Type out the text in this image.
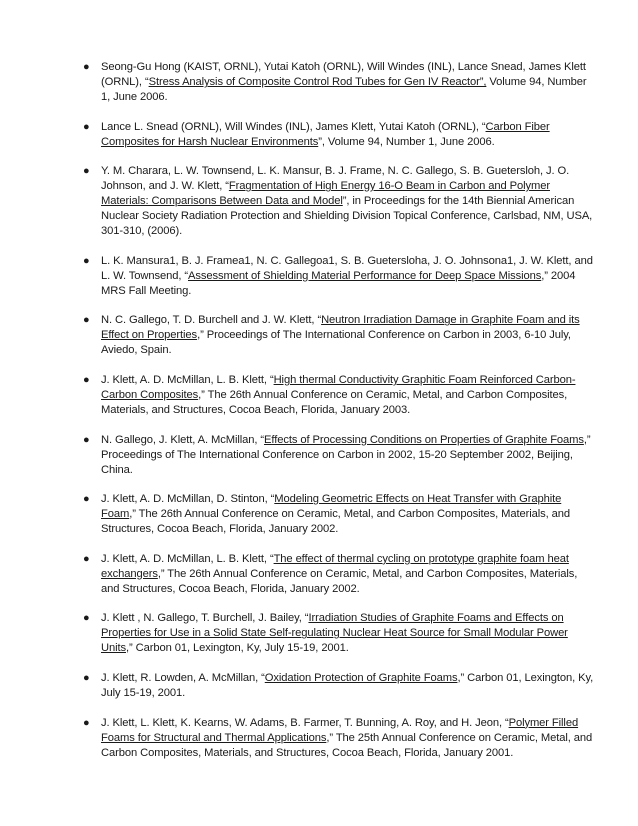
●	Seong-Gu Hong (KAIST, ORNL), Yutai Katoh (ORNL), Will Windes (INL), Lance Snead, James Klett (ORNL), “Stress Analysis of Composite Control Rod Tubes for Gen IV Reactor”, Volume 94, Number 1, June 2006.
●	Lance L. Snead (ORNL), Will Windes (INL), James Klett, Yutai Katoh (ORNL), “Carbon Fiber Composites for Harsh Nuclear Environments”, Volume 94, Number 1, June 2006.
●	Y. M. Charara, L. W. Townsend, L. K. Mansur, B. J. Frame, N. C. Gallego, S. B. Guetersloh, J. O. Johnson, and J. W. Klett, “Fragmentation of High Energy 16-O Beam in Carbon and Polymer Materials: Comparisons Between Data and Model”, in Proceedings for the 14th Biennial American Nuclear Society Radiation Protection and Shielding Division Topical Conference, Carlsbad, NM, USA, 301-310, (2006).
●	L. K. Mansura1, B. J. Framea1, N. C. Gallegoa1, S. B. Guetersloha, J. O. Johnsona1, J. W. Klett, and L. W. Townsend, “Assessment of Shielding Material Performance for Deep Space Missions,” 2004 MRS Fall Meeting.
●	N. C. Gallego, T. D. Burchell and J. W. Klett, “Neutron Irradiation Damage in Graphite Foam and its Effect on Properties,” Proceedings of The International Conference on Carbon in 2003, 6-10 July, Aviedo, Spain.
●	J. Klett, A. D. McMillan, L. B. Klett, “High thermal Conductivity Graphitic Foam Reinforced Carbon-Carbon Composites,” The 26th Annual Conference on Ceramic, Metal, and Carbon Composites, Materials, and Structures, Cocoa Beach, Florida, January 2003.
●	N. Gallego, J. Klett, A. McMillan, “Effects of Processing Conditions on Properties of Graphite Foams,” Proceedings of The International Conference on Carbon in 2002, 15-20 September 2002, Beijing, China.
●	J. Klett, A. D. McMillan, D. Stinton, “Modeling Geometric Effects on Heat Transfer with Graphite Foam,” The 26th Annual Conference on Ceramic, Metal, and Carbon Composites, Materials, and Structures, Cocoa Beach, Florida, January 2002.
●	J. Klett, A. D. McMillan, L. B. Klett, “The effect of thermal cycling on prototype graphite foam heat exchangers,” The 26th Annual Conference on Ceramic, Metal, and Carbon Composites, Materials, and Structures, Cocoa Beach, Florida, January 2002.
●	J. Klett , N. Gallego, T. Burchell, J. Bailey, “Irradiation Studies of Graphite Foams and Effects on Properties for Use in a Solid State Self-regulating Nuclear Heat Source for Small Modular Power Units,” Carbon 01, Lexington, Ky, July 15-19, 2001.
●	J. Klett, R. Lowden, A. McMillan, “Oxidation Protection of Graphite Foams,” Carbon 01, Lexington, Ky, July 15-19, 2001.
●	J. Klett, L. Klett, K. Kearns, W. Adams, B. Farmer, T. Bunning, A. Roy, and H. Jeon, “Polymer Filled Foams for Structural and Thermal Applications,” The 25th Annual Conference on Ceramic, Metal, and Carbon Composites, Materials, and Structures, Cocoa Beach, Florida, January 2001.
